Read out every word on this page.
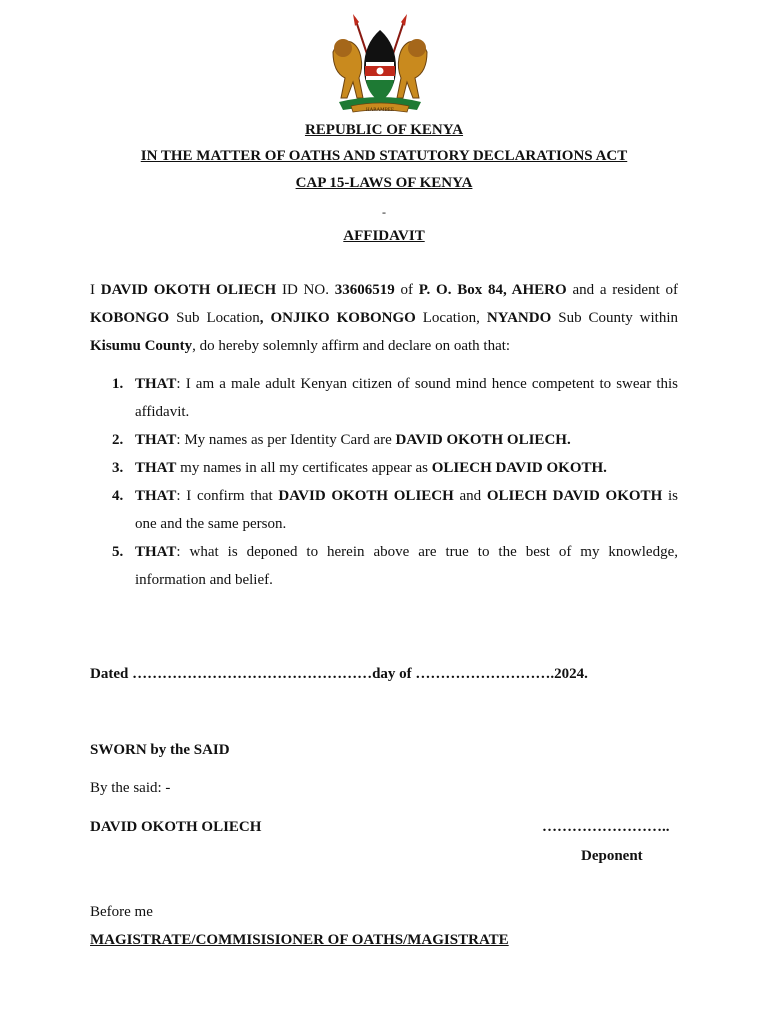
HARAMBEE
REPUBLIC OF KENYA
IN THE MATTER OF OATHS AND STATUTORY DECLARATIONS ACT
CAP 15-LAWS OF KENYA
-
AFFIDAVIT
I DAVID OKOTH OLIECH ID NO. 33606519 of P. O. Box 84, AHERO and a resident of KOBONGO Sub Location, ONJIKO KOBONGO Location, NYANDO Sub County within Kisumu County, do hereby solemnly affirm and declare on oath that:
1. THAT: I am a male adult Kenyan citizen of sound mind hence competent to swear this affidavit.
2. THAT: My names as per Identity Card are DAVID OKOTH OLIECH.
3. THAT my names in all my certificates appear as OLIECH DAVID OKOTH.
4. THAT: I confirm that DAVID OKOTH OLIECH and OLIECH DAVID OKOTH is one and the same person.
5. THAT: what is deponed to herein above are true to the best of my knowledge, information and belief.
Dated …………………………………………day of ……………………….2024.
SWORN by the SAID
By the said: -
DAVID OKOTH OLIECH	……………………..
Deponent
Before me
MAGISTRATE/COMMISISIONER OF OATHS/MAGISTRATE
